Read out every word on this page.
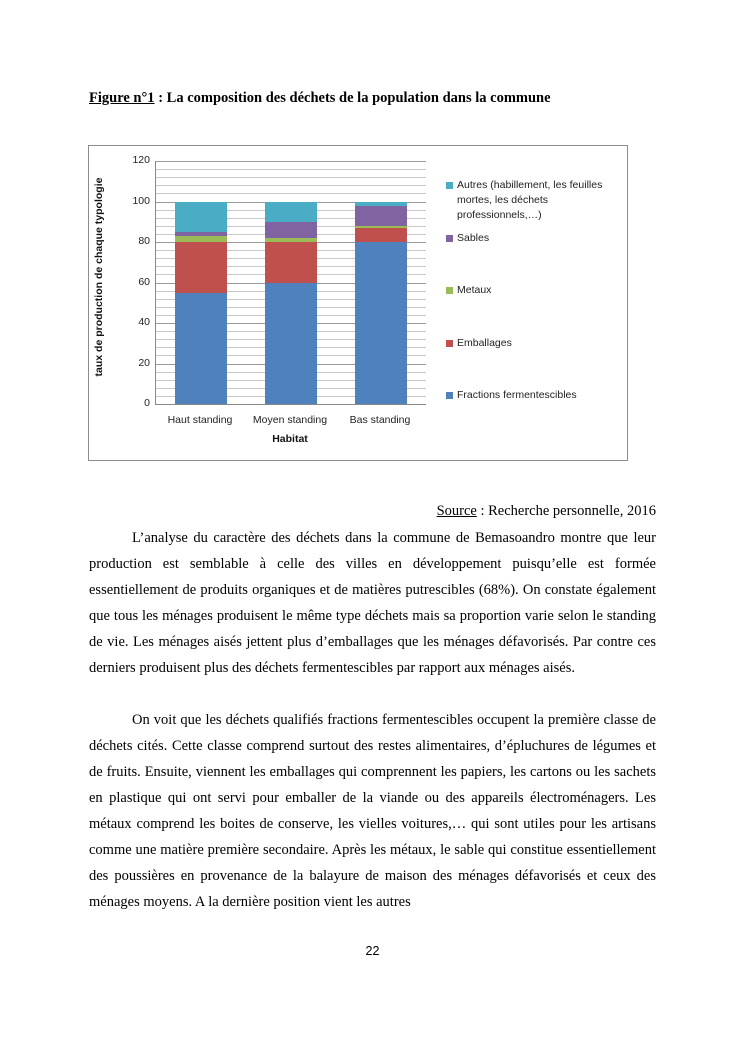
Figure n°1 : La composition des déchets de la population dans la commune
taux de production de chaque typologie
0
20
40
60
80
100
120
Haut standing	Moyen standing	Bas standing
Habitat
Autres (habillement, les feuilles mortes, les déchets professionnels,…)
Sables
Metaux
Emballages
Fractions fermentescibles
Source : Recherche personnelle, 2016

L’analyse du caractère des déchets dans la commune de Bemasoandro montre que leur production est semblable à celle des villes en développement puisqu’elle est formée essentiellement de produits organiques et de matières putrescibles (68%). On constate également que tous les ménages produisent le même type déchets mais sa proportion varie selon le standing de vie. Les ménages aisés jettent plus d’emballages que les ménages défavorisés. Par contre ces derniers produisent plus des déchets fermentescibles par rapport aux ménages aisés.

On voit que les déchets qualifiés fractions fermentescibles occupent la première classe de déchets cités. Cette classe comprend surtout des restes alimentaires, d’épluchures de légumes et de fruits. Ensuite, viennent les emballages qui comprennent les papiers, les cartons ou les sachets en plastique qui ont servi pour emballer de la viande ou des appareils électroménagers. Les métaux comprend les boites de conserve, les vielles voitures,… qui sont utiles pour les artisans comme une matière première secondaire. Après les métaux, le sable qui constitue essentiellement des poussières en provenance de la balayure de maison des ménages défavorisés et ceux des ménages moyens. A la dernière position vient les autres

22
